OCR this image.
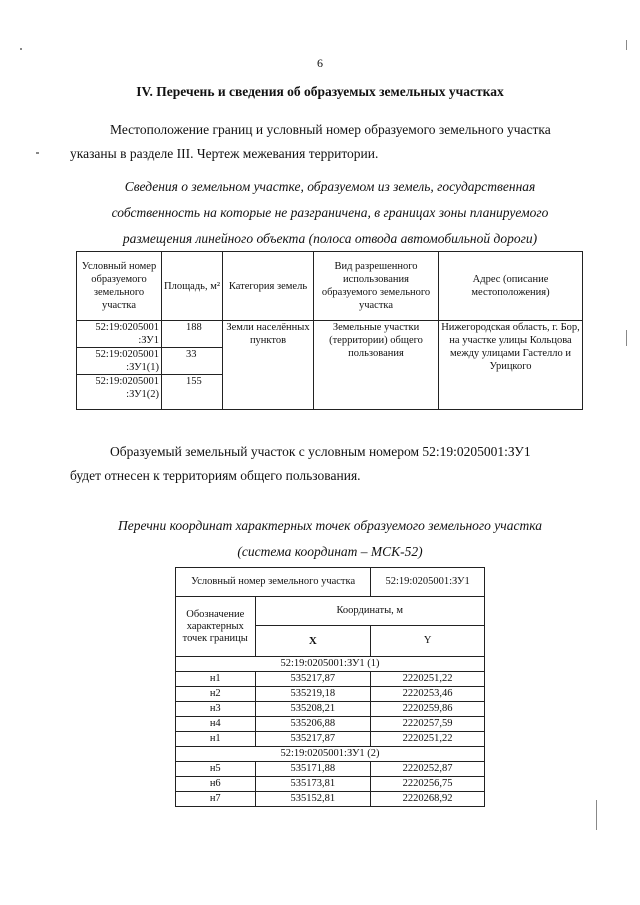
6
IV. Перечень и сведения об образуемых земельных участках
Местоположение границ и условный номер образуемого земельного участка
указаны в разделе III. Чертеж межевания территории.
Сведения о земельном участке, образуемом из земель, государственная
собственность на которые не разграничена, в границах зоны планируемого
размещения линейного объекта (полоса отвода автомобильной дороги)
Условный номер образуемого земельного участка	Площадь, м²	Категория земель	Вид разрешенного использования образуемого земельного участка	Адрес (описание местоположения)
52:19:0205001 :ЗУ1	188	Земли населённых пунктов	Земельные участки (территории) общего пользования	Нижегородская область, г. Бор, на участке улицы Кольцова между улицами Гастелло и Урицкого
52:19:0205001 :ЗУ1(1)	33			
52:19:0205001 :ЗУ1(2)	155			
Образуемый земельный участок с условным номером 52:19:0205001:ЗУ1
будет отнесен к территориям общего пользования.
Перечни координат характерных точек образуемого земельного участка
(система координат – МСК-52)
Условный номер земельного участка		52:19:0205001:ЗУ1
Обозначение характерных точек границы	Координаты, м	
	X	Y
52:19:0205001:ЗУ1 (1)		
н1	535217,87	2220251,22
н2	535219,18	2220253,46
н3	535208,21	2220259,86
н4	535206,88	2220257,59
н1	535217,87	2220251,22
52:19:0205001:ЗУ1 (2)		
н5	535171,88	2220252,87
н6	535173,81	2220256,75
н7	535152,81	2220268,92
